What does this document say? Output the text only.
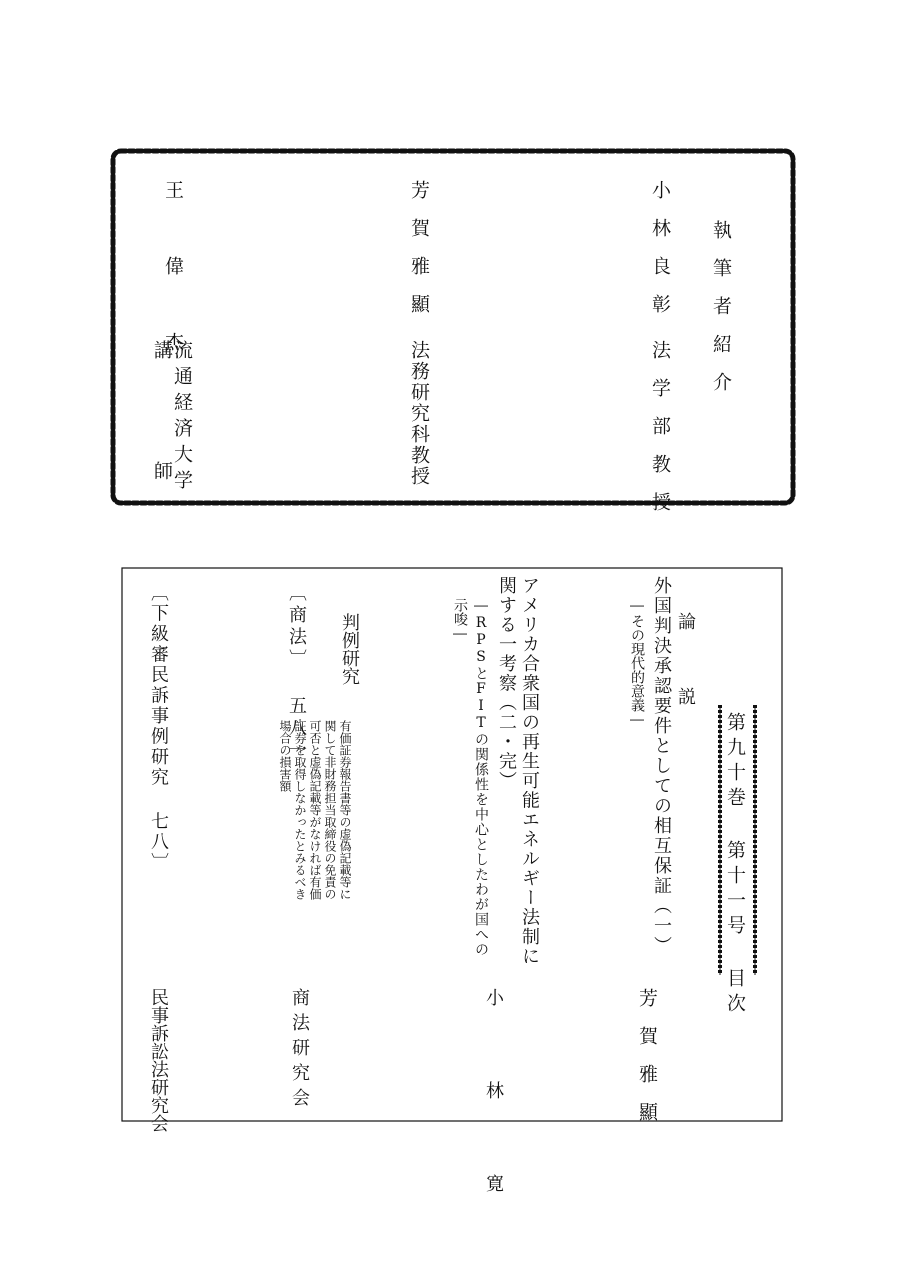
執筆者紹介
小林良彰
法学部教授
芳賀雅顯
法務研究科教授
王偉杰
流通経済大学
講師
第九十巻 第十一号 目次
論 説
外国判決承認要件としての相互保証（一）
―その現代的意義―
芳賀雅顯
アメリカ合衆国の再生可能エネルギー法制に
関する一考察（二・完）
―RPSとFITの関係性を中心としたわが国への
示唆―
小林寛
判例研究
〔商法〕 五八一
有価証券報告書等の虚偽記載等に
関して非財務担当取締役の免責の
可否と虚偽記載等がなければ有価
証券を取得しなかったとみるべき
場合の損害額
商法研究会
〔下級審民訴事例研究 七八〕
民事訴訟法研究会
